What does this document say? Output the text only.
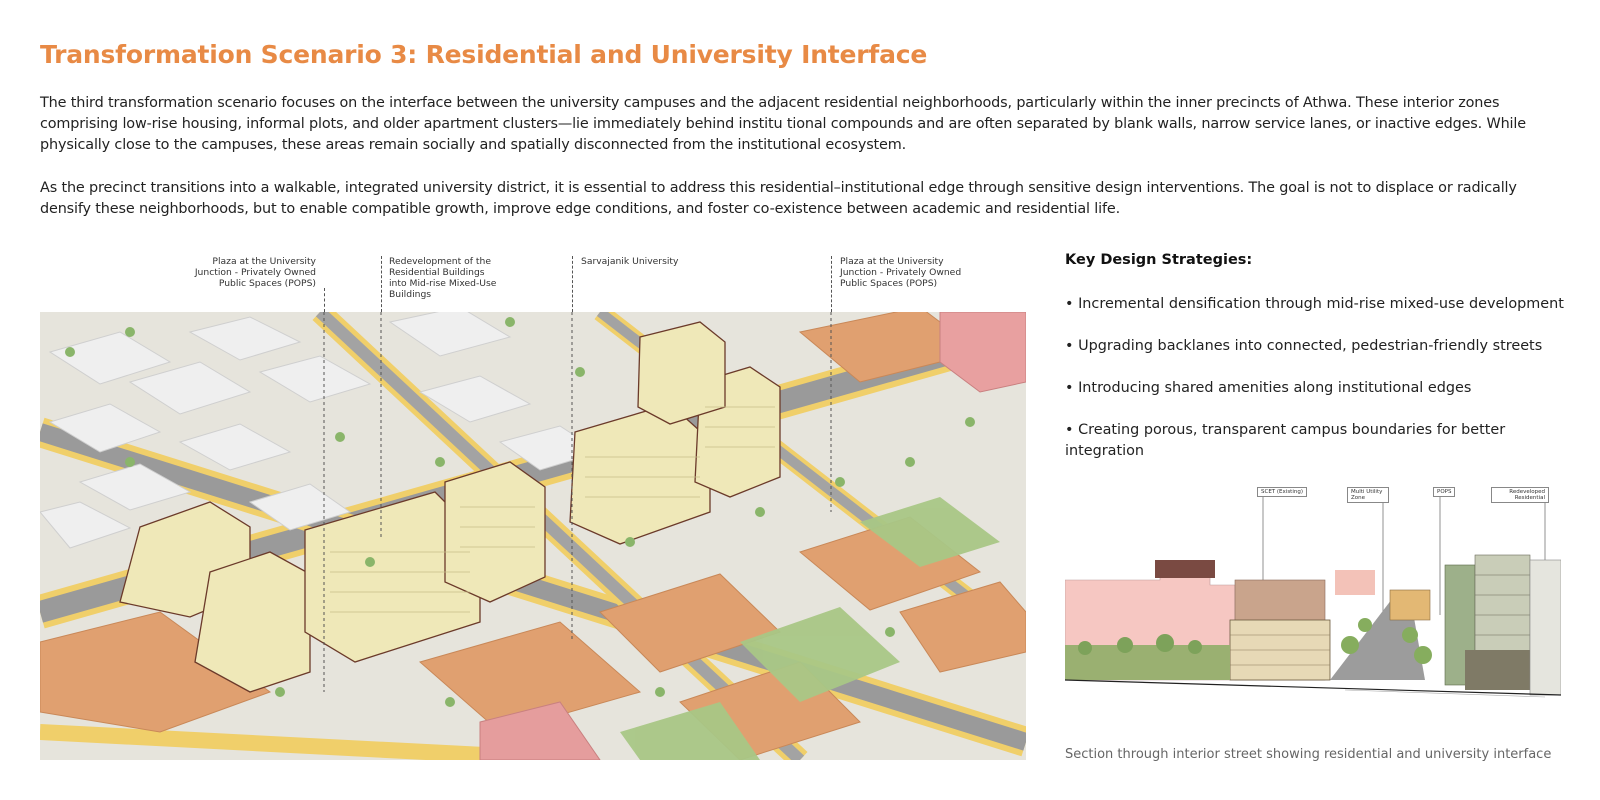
Transformation Scenario 3: Residential and University Interface
The third transformation scenario focuses on the interface between the university campuses and the adjacent residential neighborhoods, particularly within the inner precincts of Athwa. These interior zones comprising low-rise housing, informal plots, and older apartment clusters—lie immediately behind institu tional compounds and are often separated by blank walls, narrow service lanes, or inactive edges. While physically close to the campuses, these areas remain socially and spatially disconnected from the institutional ecosystem.
As the precinct transitions into a walkable, integrated university district, it is essential to address this residential–institutional edge through sensitive design interventions. The goal is not to displace or radically densify these neighborhoods, but to enable compatible growth, improve edge conditions, and foster co-existence between academic and residential life.
Plaza at the University
Junction - Privately Owned
Public Spaces (POPS)
Redevelopment of the
Residential Buildings
into Mid-rise Mixed-Use
Buildings
Sarvajanik University	Plaza at the University
Junction - Privately Owned
Public Spaces (POPS)
Key Design Strategies:
• Incremental densification through mid-rise mixed-use development
• Upgrading backlanes into connected, pedestrian-friendly streets
• Introducing shared amenities along institutional edges
• Creating porous, transparent campus boundaries for better integration
SCET (Existing)	Multi Utility Zone
POPS	Redeveloped Residential
Section through interior street showing residential and university interface
